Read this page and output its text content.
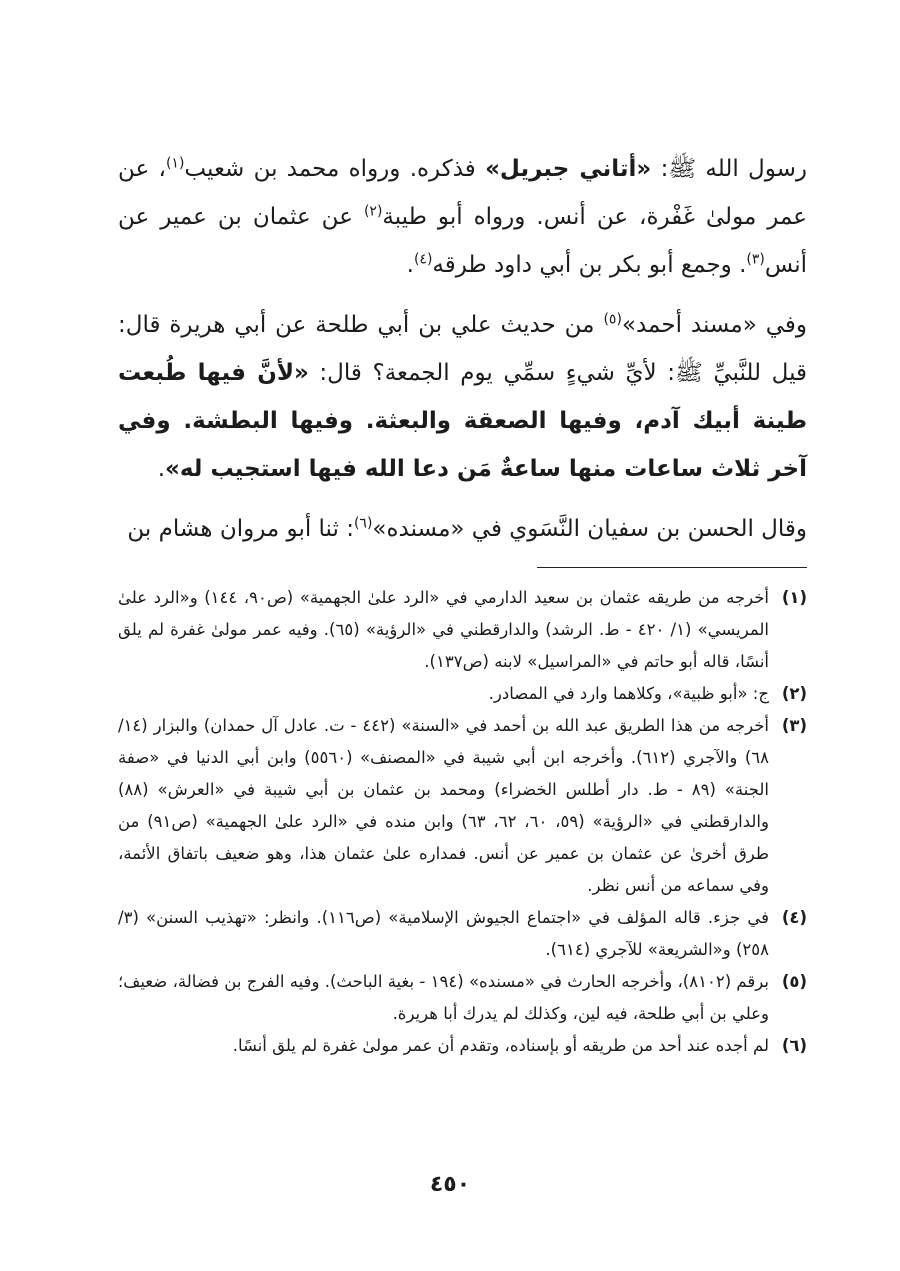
رسول الله ﷺ: «أتاني جبريل» فذكره. ورواه محمد بن شعيب$^{(١)}$، عن عمر مولىٰ غَفْرة، عن أنس. ورواه أبو طيبة$^{(٢)}$ عن عثمان بن عمير عن أنس$^{(٣)}$. وجمع أبو بكر بن أبي داود طرقه$^{(٤)}$.

وفي «مسند أحمد»$^{(٥)}$ من حديث علي بن أبي طلحة عن أبي هريرة قال: قيل للنَّبيِّ ﷺ: لأيِّ شيءٍ سمِّي يوم الجمعة؟ قال: «لأنَّ فيها طُبعت طينة أبيك آدم، وفيها الصعقة والبعثة. وفيها البطشة. وفي آخر ثلاث ساعات منها ساعةٌ مَن دعا الله فيها استجيب له».

وقال الحسن بن سفيان النَّسَوي في «مسنده»$^{(٦)}$: ثنا أبو مروان هشام بن

(١)
أخرجه من طريقه عثمان بن سعيد الدارمي في «الرد علىٰ الجهمية» (ص٩٠، ١٤٤) و«الرد علىٰ المريسي» (١/ ٤٢٠ - ط. الرشد) والدارقطني في «الرؤية» (٦٥). وفيه عمر مولىٰ غفرة لم يلق أنسًا، قاله أبو حاتم في «المراسيل» لابنه (ص١٣٧).
(٢)
ج: «أبو ظبية»، وكلاهما وارد في المصادر.
(٣)
أخرجه من هذا الطريق عبد الله بن أحمد في «السنة» (٤٤٢ - ت. عادل آل حمدان) والبزار (١٤/ ٦٨) والآجري (٦١٢). وأخرجه ابن أبي شيبة في «المصنف» (٥٥٦٠) وابن أبي الدنيا في «صفة الجنة» (٨٩ - ط. دار أطلس الخضراء) ومحمد بن عثمان بن أبي شيبة في «العرش» (٨٨) والدارقطني في «الرؤية» (٥٩، ٦٠، ٦٢، ٦٣) وابن منده في «الرد علىٰ الجهمية» (ص٩١) من طرق أخرىٰ عن عثمان بن عمير عن أنس. فمداره علىٰ عثمان هذا، وهو ضعيف باتفاق الأئمة، وفي سماعه من أنس نظر.
(٤)
في جزء. قاله المؤلف في «اجتماع الجيوش الإسلامية» (ص١١٦). وانظر: «تهذيب السنن» (٣/ ٢٥٨) و«الشريعة» للآجري (٦١٤).
(٥)
برقم (٨١٠٢)، وأخرجه الحارث في «مسنده» (١٩٤ - بغية الباحث). وفيه الفرج بن فضالة، ضعيف؛ وعلي بن أبي طلحة، فيه لين، وكذلك لم يدرك أبا هريرة.
(٦)
لم أجده عند أحد من طريقه أو بإسناده، وتقدم أن عمر مولىٰ غفرة لم يلق أنسًا.
٤٥٠
